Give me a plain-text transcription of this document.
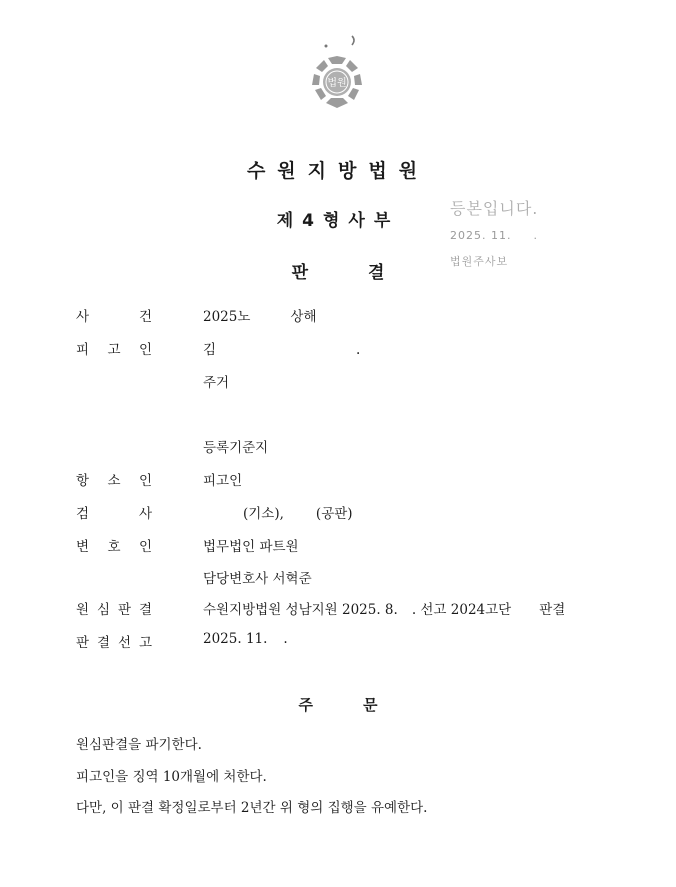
법원
수원지방법원
제4형사부
판결
등본입니다.
2025. 11. .
법원주사보
사	건	2025노	상해
피 고 인	김	.
주거
등록기준지
항 소 인	피고인
검	사	(기소), (공판)
변 호 인	법무법인 파트원
담당변호사 서혁준
원 심 판 결	수원지방법원 성남지원 2025. 8. . 선고 2024고단 판결
판 결 선 고	2025. 11. .
주문
원심판결을 파기한다.
피고인을 징역 10개월에 처한다.
다만, 이 판결 확정일로부터 2년간 위 형의 집행을 유예한다.
